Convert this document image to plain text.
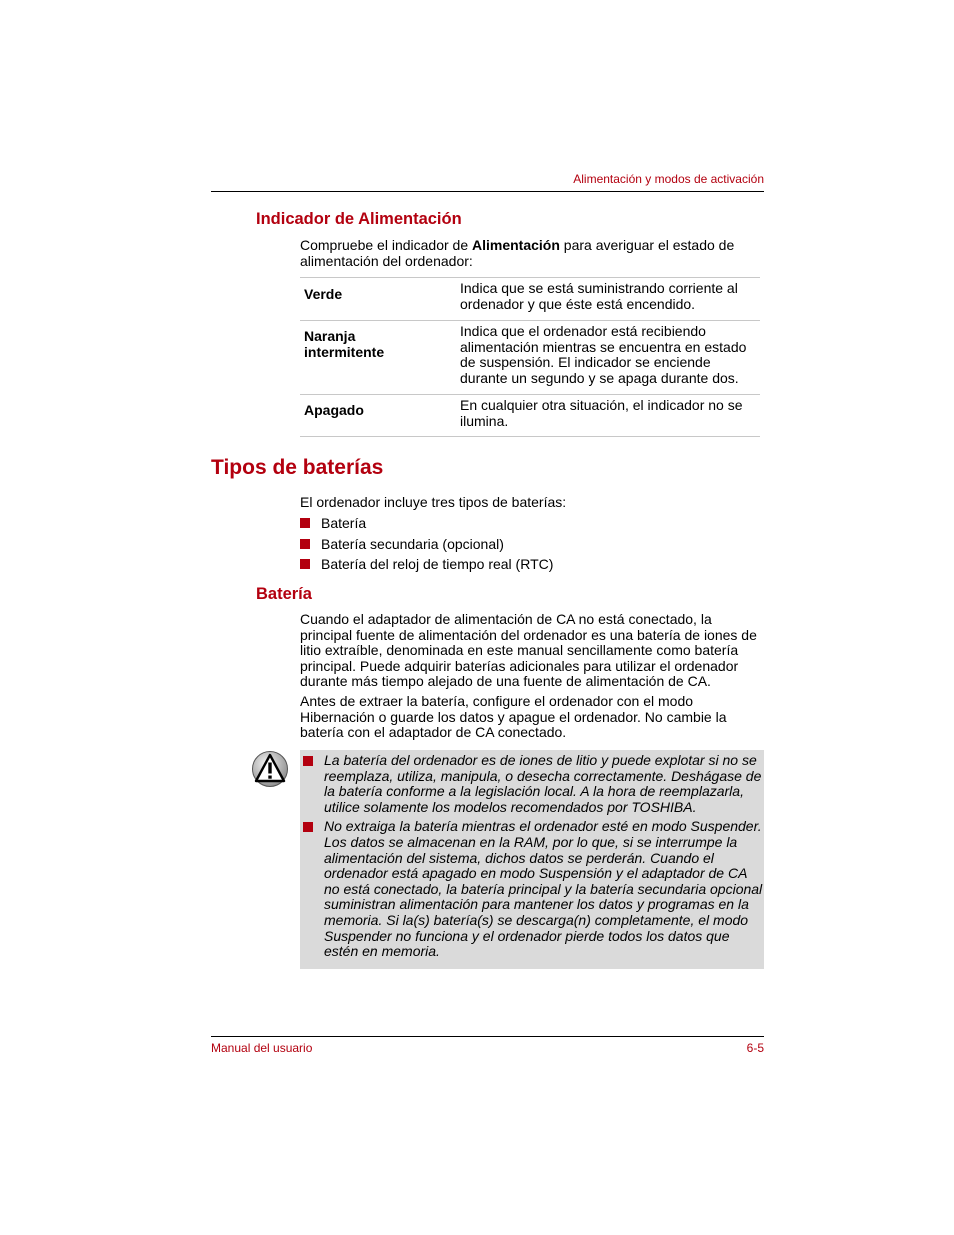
Alimentación y modos de activación
Indicador de Alimentación
Compruebe el indicador de Alimentación para averiguar el estado de alimentación del ordenador:
Verde	Indica que se está suministrando corriente al ordenador y que éste está encendido.

Naranja intermitente	Indica que el ordenador está recibiendo alimentación mientras se encuentra en estado de suspensión. El indicador se enciende durante un segundo y se apaga durante dos.

Apagado	En cualquier otra situación, el indicador no se ilumina.
Tipos de baterías
El ordenador incluye tres tipos de baterías:
Batería
Batería secundaria (opcional)
Batería del reloj de tiempo real (RTC)
Batería
Cuando el adaptador de alimentación de CA no está conectado, la principal fuente de alimentación del ordenador es una batería de iones de litio extraíble, denominada en este manual sencillamente como batería principal. Puede adquirir baterías adicionales para utilizar el ordenador durante más tiempo alejado de una fuente de alimentación de CA.
Antes de extraer la batería, configure el ordenador con el modo Hibernación o guarde los datos y apague el ordenador. No cambie la batería con el adaptador de CA conectado.
La batería del ordenador es de iones de litio y puede explotar si no se reemplaza, utiliza, manipula, o desecha correctamente. Deshágase de la batería conforme a la legislación local. A la hora de reemplazarla, utilice solamente los modelos recomendados por TOSHIBA.
No extraiga la batería mientras el ordenador esté en modo Suspender. Los datos se almacenan en la RAM, por lo que, si se interrumpe la alimentación del sistema, dichos datos se perderán. Cuando el ordenador está apagado en modo Suspensión y el adaptador de CA no está conectado, la batería principal y la batería secundaria opcional suministran alimentación para mantener los datos y programas en la memoria. Si la(s) batería(s) se descarga(n) completamente, el modo Suspender no funciona y el ordenador pierde todos los datos que estén en memoria.
Manual del usuario	6-5
